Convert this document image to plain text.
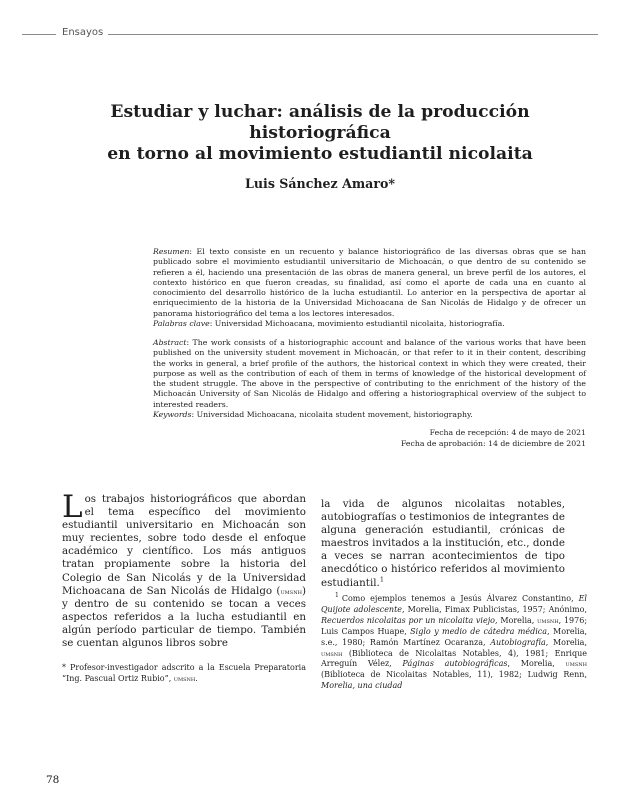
Ensayos
Estudiar y luchar: análisis de la producción historiográfica
en torno al movimiento estudiantil nicolaita
Luis Sánchez Amaro*

Resumen: El texto consiste en un recuento y balance historiográfico de las diversas obras que se han publicado sobre el movimiento estudiantil universitario de Michoacán, o que dentro de su contenido se refieren a él, haciendo una presentación de las obras de manera general, un breve perfil de los autores, el contexto histórico en que fueron creadas, su finalidad, así como el aporte de cada una en cuanto al conocimiento del desarrollo histórico de la lucha estudiantil. Lo anterior en la perspectiva de aportar al enriquecimiento de la historia de la Universidad Michoacana de San Nicolás de Hidalgo y de ofrecer un panorama historiográfico del tema a los lectores interesados.
Palabras clave: Universidad Michoacana, movimiento estudiantil nicolaita, historiografía.

Abstract: The work consists of a historiographic account and balance of the various works that have been published on the university student movement in Michoacán, or that refer to it in their content, describing the works in general, a brief profile of the authors, the historical context in which they were created, their purpose as well as the contribution of each of them in terms of knowledge of the historical development of the student struggle. The above in the perspective of contributing to the enrichment of the history of the Michoacán University of San Nicolás de Hidalgo and offering a historiographical overview of the subject to interested readers.
Keywords: Universidad Michoacana, nicolaita student movement, historiography.

Fecha de recepción: 4 de mayo de 2021
Fecha de aprobación: 14 de diciembre de 2021

Los trabajos historiográficos que abordan el tema específico del movimiento estudiantil universitario en Michoacán son muy recientes, sobre todo desde el enfoque académico y científico. Los más antiguos tratan propiamente sobre la historia del Colegio de San Nicolás y de la Universidad Michoacana de San Nicolás de Hidalgo (umsnh) y dentro de su contenido se tocan a veces aspectos referidos a la lucha estudiantil en algún período particular de tiempo. También se cuentan algunos libros sobre

la vida de algunos nicolaitas notables, autobiografías o testimonios de integrantes de alguna generación estudiantil, crónicas de maestros invitados a la institución, etc., donde a veces se narran acontecimientos de tipo anecdótico o histórico referidos al movimiento estudiantil.$^1$

* Profesor-investigador adscrito a la Escuela Preparatoria “Ing. Pascual Ortiz Rubio”, umsnh.

$^1$ Como ejemplos tenemos a Jesús Álvarez Constantino, El Quijote adolescente, Morelia, Fimax Publicistas, 1957; Anónimo, Recuerdos nicolaitas por un nicolaita viejo, Morelia, umsnh, 1976; Luis Campos Huape, Siglo y medio de cátedra médica, Morelia, s.e., 1980; Ramón Martínez Ocaranza, Autobiografía, Morelia, umsnh (Biblioteca de Nicolaitas Notables, 4), 1981; Enrique Arreguín Vélez, Páginas autobiográficas, Morelia, umsnh (Biblioteca de Nicolaitas Notables, 11), 1982; Ludwig Renn, Morelia, una ciudad

78
